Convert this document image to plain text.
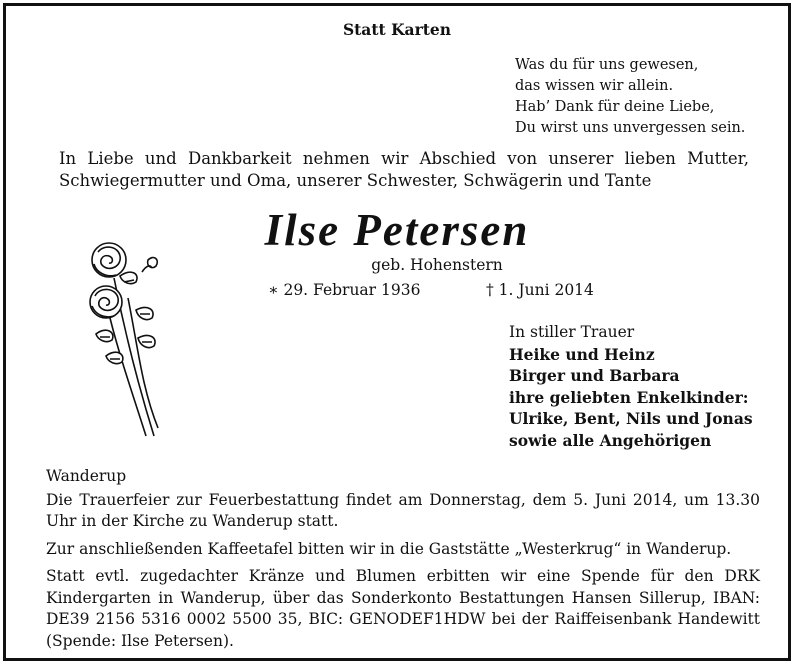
Statt Karten
Was du für uns gewesen,
das wissen wir allein.
Hab’ Dank für deine Liebe,
Du wirst uns unvergessen sein.
In Liebe und Dankbarkeit nehmen wir Abschied von unserer lieben Mutter, Schwiegermutter und Oma, unserer Schwester, Schwägerin und Tante
Ilse Petersen
geb. Hohenstern
∗ 29. Februar 1936	† 1. Juni 2014
In stiller Trauer
Heike und Heinz
Birger und Barbara
ihre geliebten Enkelkinder:
Ulrike, Bent, Nils und Jonas
sowie alle Angehörigen

Wanderup

Die Trauerfeier zur Feuerbestattung findet am Donnerstag, dem 5. Juni 2014, um 13.30 Uhr in der Kirche zu Wanderup statt.

Zur anschließenden Kaffeetafel bitten wir in die Gaststätte „Westerkrug“ in Wanderup.

Statt evtl. zugedachter Kränze und Blumen erbitten wir eine Spende für den DRK Kindergarten in Wanderup, über das Sonderkonto Bestattungen Hansen Sillerup, IBAN: DE39 2156 5316 0002 5500 35, BIC: GENODEF1HDW bei der Raiffeisenbank Handewitt (Spende: Ilse Petersen).
